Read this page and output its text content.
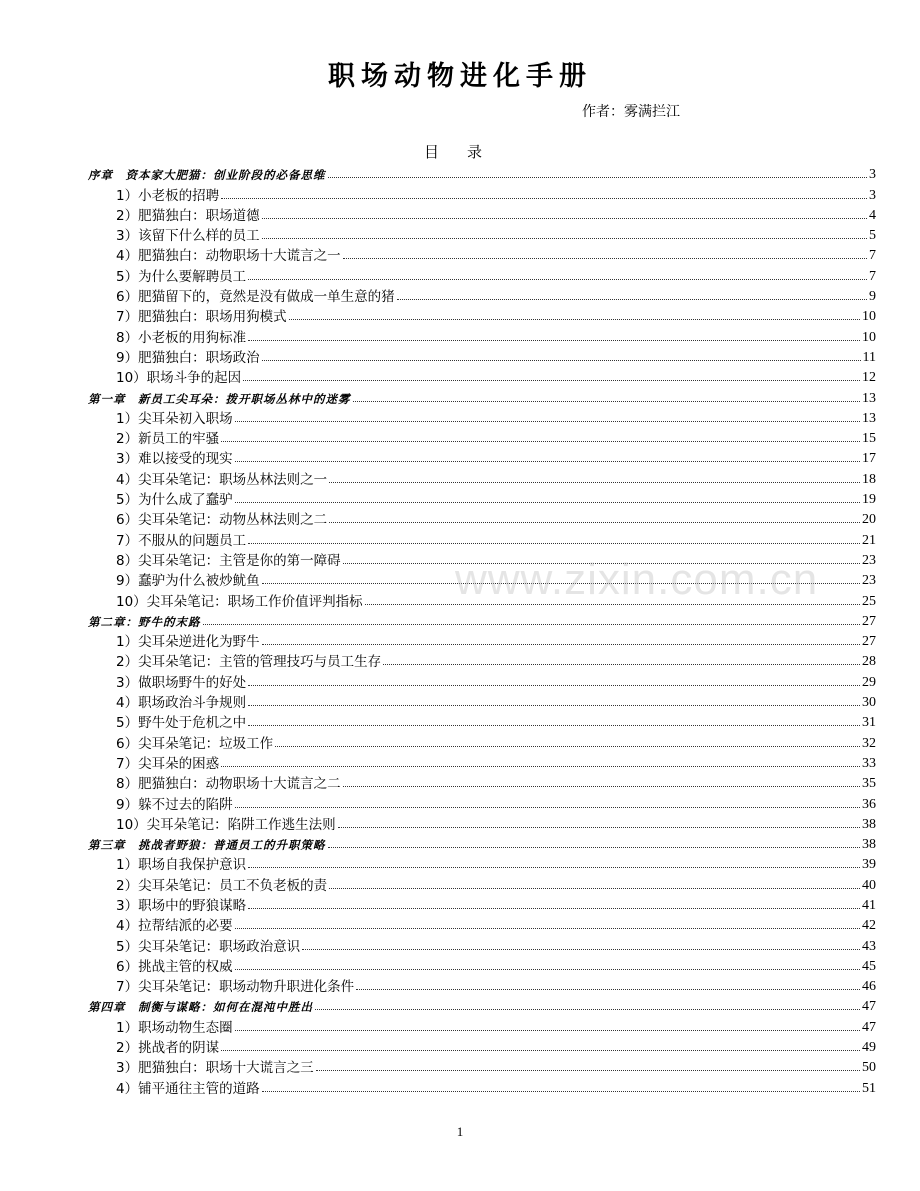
职场动物进化手册
作者：雾满拦江
目录
序章　资本家大肥猫：创业阶段的必备思维	3
1）小老板的招聘	3
2）肥猫独白：职场道德	4
3）该留下什么样的员工	5
4）肥猫独白：动物职场十大谎言之一	7
5）为什么要解聘员工	7
6）肥猫留下的，竟然是没有做成一单生意的猪	9
7）肥猫独白：职场用狗模式	10
8）小老板的用狗标准	10
9）肥猫独白：职场政治	11
10）职场斗争的起因	12
第一章　新员工尖耳朵：拨开职场丛林中的迷雾	13
1）尖耳朵初入职场	13
2）新员工的牢骚	15
3）难以接受的现实	17
4）尖耳朵笔记：职场丛林法则之一	18
5）为什么成了蠢驴	19
6）尖耳朵笔记：动物丛林法则之二	20
7）不服从的问题员工	21
8）尖耳朵笔记：主管是你的第一障碍	23
9）蠢驴为什么被炒鱿鱼	23
10）尖耳朵笔记：职场工作价值评判指标	25
第二章：野牛的末路	27
1）尖耳朵逆进化为野牛	27
2）尖耳朵笔记：主管的管理技巧与员工生存	28
3）做职场野牛的好处	29
4）职场政治斗争规则	30
5）野牛处于危机之中	31
6）尖耳朵笔记：垃圾工作	32
7）尖耳朵的困惑	33
8）肥猫独白：动物职场十大谎言之二	35
9）躲不过去的陷阱	36
10）尖耳朵笔记：陷阱工作逃生法则	38
第三章　挑战者野狼：普通员工的升职策略	38
1）职场自我保护意识	39
2）尖耳朵笔记：员工不负老板的责	40
3）职场中的野狼谋略	41
4）拉帮结派的必要	42
5）尖耳朵笔记：职场政治意识	43
6）挑战主管的权威	45
7）尖耳朵笔记：职场动物升职进化条件	46
第四章　制衡与谋略：如何在混沌中胜出	47
1）职场动物生态圈	47
2）挑战者的阴谋	49
3）肥猫独白：职场十大谎言之三	50
4）铺平通往主管的道路	51
www.zixin.com.cn
1
